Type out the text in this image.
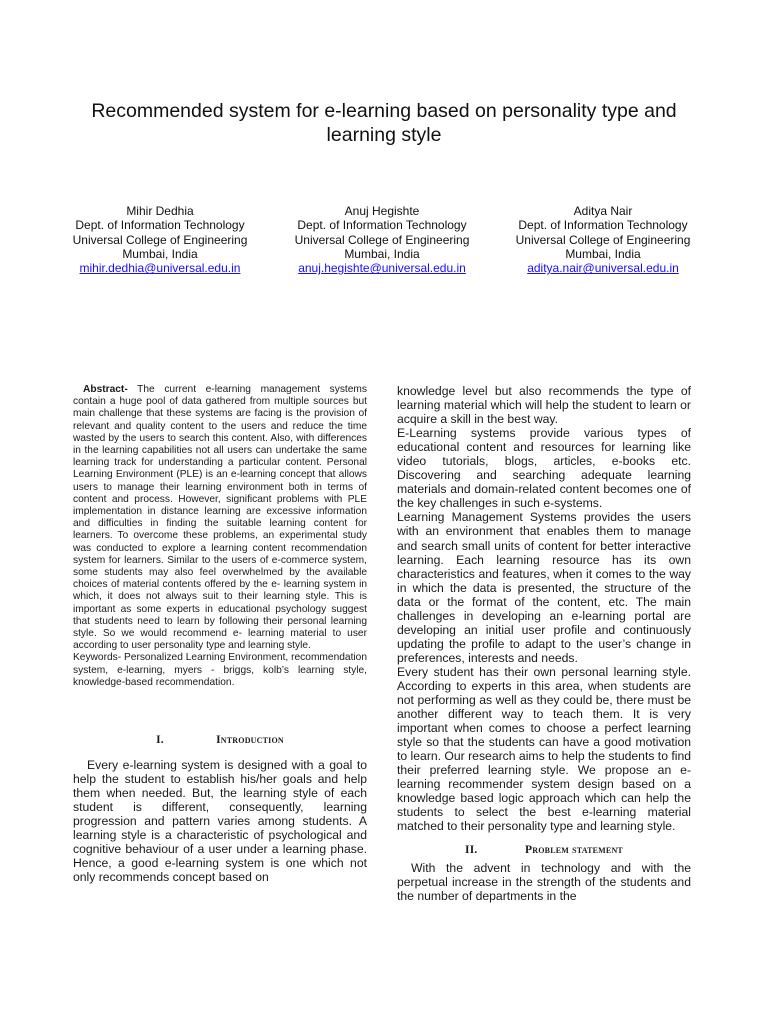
Recommended system for e-learning based on personality type and learning style
Mihir Dedhia
Dept. of Information Technology
Universal College of Engineering
Mumbai, India
mihir.dedhia@universal.edu.in
Anuj Hegishte
Dept. of Information Technology
Universal College of Engineering
Mumbai, India
anuj.hegishte@universal.edu.in
Aditya Nair
Dept. of Information Technology
Universal College of Engineering
Mumbai, India
aditya.nair@universal.edu.in

Abstract- The current e-learning management systems contain a huge pool of data gathered from multiple sources but main challenge that these systems are facing is the provision of relevant and quality content to the users and reduce the time wasted by the users to search this content. Also, with differences in the learning capabilities not all users can undertake the same learning track for understanding a particular content. Personal Learning Environment (PLE) is an e-learning concept that allows users to manage their learning environment both in terms of content and process. However, significant problems with PLE implementation in distance learning are excessive information and difficulties in finding the suitable learning content for learners. To overcome these problems, an experimental study was conducted to explore a learning content recommendation system for learners. Similar to the users of e-commerce system, some students may also feel overwhelmed by the available choices of material contents offered by the e- learning system in which, it does not always suit to their learning style. This is important as some experts in educational psychology suggest that students need to learn by following their personal learning style. So we would recommend e- learning material to user according to user personality type and learning style.

Keywords- Personalized Learning Environment, recommendation system, e-learning, myers - briggs, kolb’s learning style, knowledge-based recommendation.

I.	Introduction

Every e-learning system is designed with a goal to help the student to establish his/her goals and help them when needed. But, the learning style of each student is different, consequently, learning progression and pattern varies among students. A learning style is a characteristic of psychological and cognitive behaviour of a user under a learning phase. Hence, a good e-learning system is one which not only recommends concept based on

knowledge level but also recommends the type of learning material which will help the student to learn or acquire a skill in the best way.

E-Learning systems provide various types of educational content and resources for learning like video tutorials, blogs, articles, e-books etc. Discovering and searching adequate learning materials and domain-related content becomes one of the key challenges in such e-systems.

Learning Management Systems provides the users with an environment that enables them to manage and search small units of content for better interactive learning. Each learning resource has its own characteristics and features, when it comes to the way in which the data is presented, the structure of the data or the format of the content, etc. The main challenges in developing an e-learning portal are developing an initial user profile and continuously updating the profile to adapt to the user’s change in preferences, interests and needs.

Every student has their own personal learning style. According to experts in this area, when students are not performing as well as they could be, there must be another different way to teach them. It is very important when comes to choose a perfect learning style so that the students can have a good motivation to learn. Our research aims to help the students to find their preferred learning style. We propose an e-learning recommender system design based on a knowledge based logic approach which can help the students to select the best e-learning material matched to their personality type and learning style.

II.	Problem statement

With the advent in technology and with the perpetual increase in the strength of the students and the number of departments in the
